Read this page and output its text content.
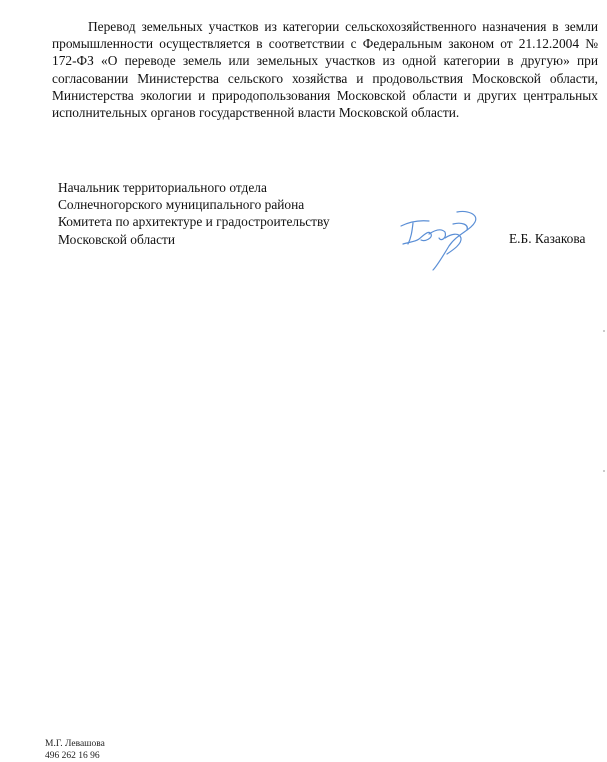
Перевод земельных участков из категории сельскохозяйственного назначения в земли промышленности осуществляется в соответствии с Федеральным законом от 21.12.2004 № 172-ФЗ «О переводе земель или земельных участков из одной категории в другую» при согласовании Министерства сельского хозяйства и продовольствия Московской области, Министерства экологии и природопользования Московской области и других центральных исполнительных органов государственной власти Московской области.

Начальник территориального отдела
Солнечногорского муниципального района
Комитета по архитектуре и градостроительству
Московской области	Е.Б. Казакова
М.Г. Левашова
496 262 16 96
